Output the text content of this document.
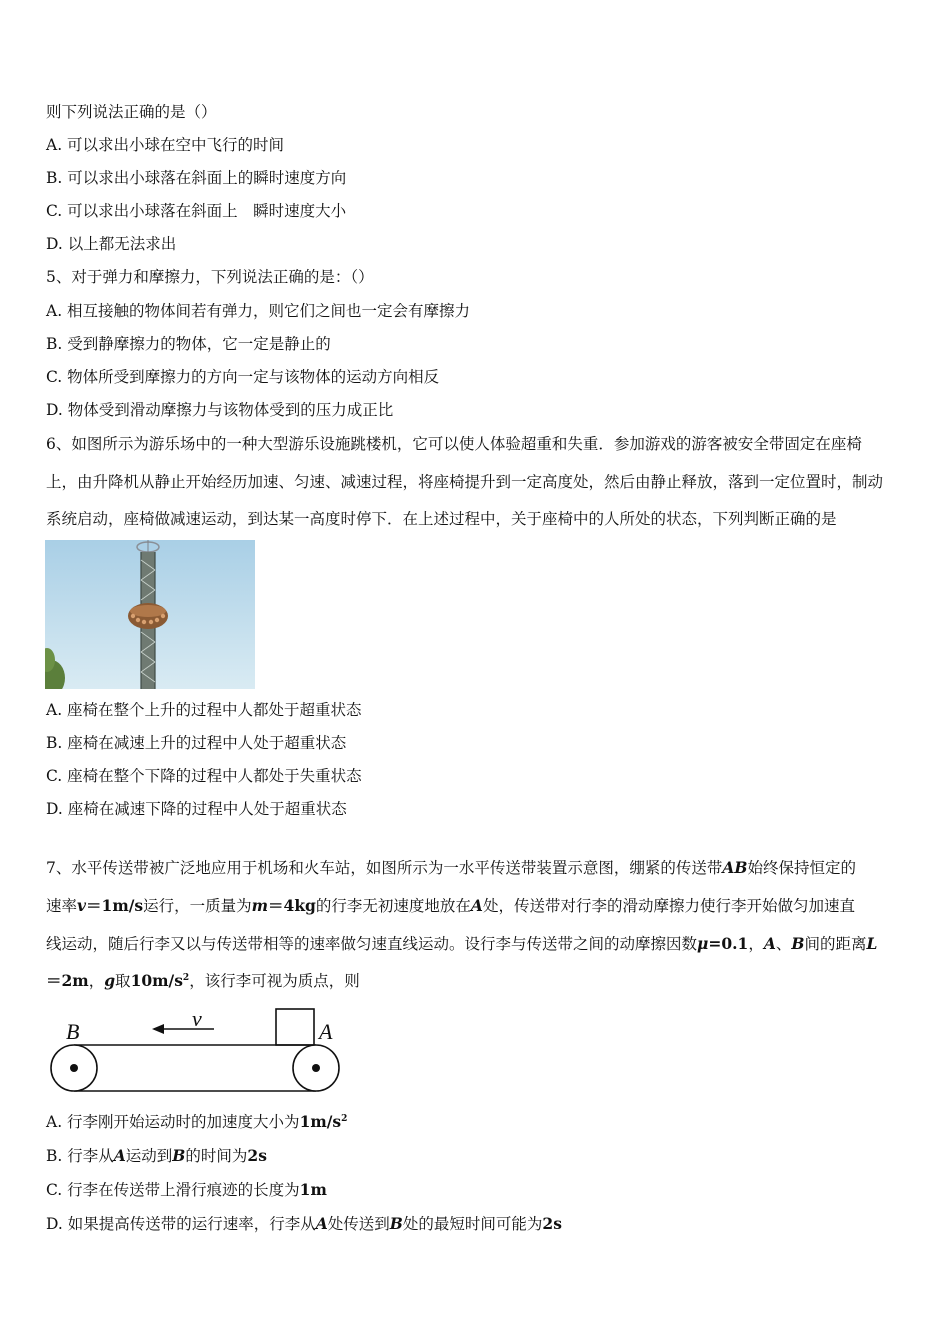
则下列说法正确的是（）
A. 可以求出小球在空中飞行的时间
B. 可以求出小球落在斜面上的瞬时速度方向
C. 可以求出小球落在斜面上　瞬时速度大小
D. 以上都无法求出
5、对于弹力和摩擦力，下列说法正确的是：（）
A. 相互接触的物体间若有弹力，则它们之间也一定会有摩擦力
B. 受到静摩擦力的物体，它一定是静止的
C. 物体所受到摩擦力的方向一定与该物体的运动方向相反
D. 物体受到滑动摩擦力与该物体受到的压力成正比
6、如图所示为游乐场中的一种大型游乐设施跳楼机，它可以使人体验超重和失重．参加游戏的游客被安全带固定在座椅
上，由升降机从静止开始经历加速、匀速、减速过程，将座椅提升到一定高度处，然后由静止释放，落到一定位置时，制动
系统启动，座椅做减速运动，到达某一高度时停下．在上述过程中，关于座椅中的人所处的状态，下列判断正确的是
A. 座椅在整个上升的过程中人都处于超重状态
B. 座椅在减速上升的过程中人处于超重状态
C. 座椅在整个下降的过程中人都处于失重状态
D. 座椅在减速下降的过程中人处于超重状态
7、水平传送带被广泛地应用于机场和火车站，如图所示为一水平传送带装置示意图，绷紧的传送带AB始终保持恒定的
速率v＝1m/s运行，一质量为m＝4kg的行李无初速度地放在A处，传送带对行李的滑动摩擦力使行李开始做匀加速直
线运动，随后行李又以与传送带相等的速率做匀速直线运动。设行李与传送带之间的动摩擦因数μ=0.1，A、B间的距离L
＝2m，g取$10m/s^2$，该行李可视为质点，则
B
v
A
A. 行李刚开始运动时的加速度大小为$1m/s^2$
B. 行李从A运动到B的时间为2s
C. 行李在传送带上滑行痕迹的长度为1m
D. 如果提高传送带的运行速率，行李从A处传送到B处的最短时间可能为2s
